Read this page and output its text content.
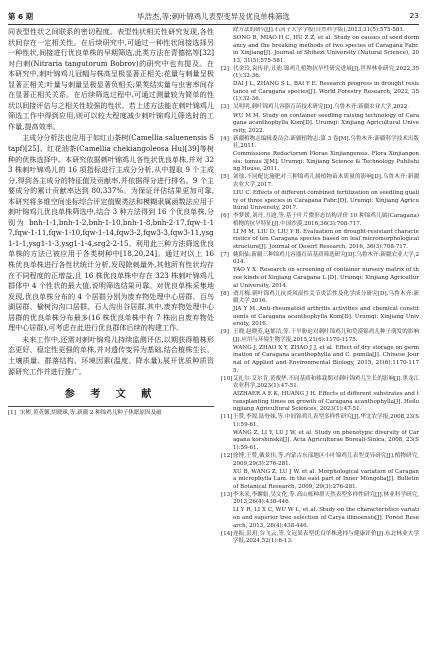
第 6 期	毕浩杰,等:刺叶锦鸡儿表型变异及优良单株筛选	23

同表型性状之间联系的密切程度。表型性状相关性研究发现,各性状间存在一定相关性。在后续研究中,可通过一种性状间接选择另一种性状,间接进行优良单株的早期筛选,此类方法在青德铭等[32]对白刺(Nitraria tangutorum Bobrov)的研究中也有提及。在本研究中,刺叶锦鸡儿冠幅与株高呈极显著正相关;花量与刺量呈极显著正相关;叶量与刺量呈极显著负相关;果荚结实量与虫害率间存在显著正相关关系。在后续筛选过程中,可通过测量较为简单的性状以间接评估与之相关性较强的性状。若上述方法能在刺叶锦鸡儿筛选工作中得到应用,则可以较大程度减少刺叶锦鸡儿筛选时的工作量,提高效率。

主成分分析法也应用于如红山茶树(Camellia saluenensis Stapf)[25]、红花油茶(Camellia chekiangoleosa Hu)[39]等树种的优株选择中。本研究依据刺叶锦鸡儿各性状优良单株,并对 323 株刺叶锦鸡儿的 16 项指标进行主成分分析,从中提取 9 个主成分,得到各主成分的特征值及贡献率,并依据得分进行排名。9 个主要成分的累计贡献率达到 80.337%。为保证评估结果更加可靠,本研究将多维空间坐标综合评定值聚类法和模糊隶属函数法应用于刺叶锦鸡儿优良单株筛选中,结合 3 种方法得到 16 个优良单株,分别为 bnh-1-1,bnh-1-2,bnh-1-10,bnh-1-8,bnh-2-17,fqw-1-17,fqw-1-11,fqw-1-10,fqw-1-14,fqw3-2,fqw3-3,fqw3-11,ysg1-1-1,ysg1-1-3,ysg1-1-4,srg2-2-15。利用此三种方法筛选优良单株的方法已被应用于各类树种中[18,20,24]。通过对以上 16 株优良单株进行各性状统计分析,发现除刺量外,其他所有性状均存在不同程度的正增益,且 16 株优良单株中存在 323 株刺叶锦鸡儿群体中 4 个性状的最大值,说明筛选结果可靠。对优良单株采集地发现,优良单株分布的 4 个居群分别为废弃物处理中心居群、百鸟湖居群、榆树沟沟口居群、石人沟出谷居群,其中,废弃物处理中心居群的优良单株分布最多(16 株优良单株中有 7 株出自废弃物处理中心居群),可考虑在此进行优良群体后续的构建工作。

未来工作中,还需对刺叶锦鸡儿持续监测评估,以期获得植株形态更好、稳定性更强的单株,并对遗传变异为基础,结合植株生长、土壤质量、群落结构、环境因素(温度、降水量),展开优质种质资源研究工作并进行推广。

参 考 文 献
[1] 宋彬,黄英馨,胡晓珠,等.新疆 2 种锦鸡儿种子休眠原因及破
除方法的研究[J].石河子大学学报(自然科学版),2013,31(5):575-581.
SONG B, MIAO H C, HU Z Z, et al. Study on causes of seed dormancy and the breaking methods of two species of Caragana Fabr. in Xinjiang[J]. Journal of Shihezi University (Natural Science), 2013, 31(5):575-581.
[2] 代金玲,袁传祥,丑迪.锦鸡儿植物抗旱性研究进展[J].世界林业研究,2022,35(1):32-36.
DAI J L, ZHANG S L, BAI Y E. Research progress in drought resistance of Caragana species[J]. World Forestry Research, 2022, 35(1):32-36.
[3] 吴明明.刺叶锦鸡儿容器育苗技术研究[D].乌鲁木齐:新疆农业大学,2022.
WU M M. Study on container seedling raising technology of Caragana acanthophylla Kom[D]. Urumqi: Xinjiang Agricultural University, 2022.
[4] 新疆植物志编辑委员会.新疆植物志:第 3 卷[M].乌鲁木齐:新疆科学技术出版社,2011.
Commissione Redactorum Florae Xinjiangensis. Flora Xinjiangensis: tomus 3[M]. Urumqi: Xinjiang Science & Technology Publishing House, 2011.
[5] 刘灿.不同配比施肥对三种锦鸡儿属植物苗木质量的影响[D].乌鲁木齐:新疆农业大学,2017.
LIU C. Effects of different combined fertilization on seedling quality of three species in Caragana Fabr.[D]. Urumqi: Xinjiang Agricultural University, 2017.
[6] 李梦媛,刘丹,丑迪,等.基于叶片微形态结构评价 10 种锦鸡儿属(Caragana)植物的抗旱特征[J].中国沙漠,2016,36(3):708-717.
LI M M, LIU D, LIU Y B. Evaluation on drought-resistant characteristics of ten Caragana species based on leaf micromorphological structure[J]. Journal of Desert Research, 2016, 36(3):708-717.
[7] 姚阳仙.新疆三种锦鸡儿容器育苗基质筛选研究[D].乌鲁木齐:新疆农业大学,2014.
YAO Y X. Research on screening of container nursery matrix of three kinds of Xinjiang Caragana L.[D]. Urumqi: Xinjiang Agricultural University, 2014.
[8] 贾月梅.刺叶锦鸡儿抗炎风湿性关节炎活性及化学成分研究[D].乌鲁木齐:新疆大学,2016.
JIA Y M. Anti-rheumatoid arthritis activities and chemical constituents of Caragana acanthophylla Kom[D]. Urumqi: Xinjiang University, 2016.
[9] 王晓,赵晓英,赵郁洁,等.干旱胁迫对刺叶锦鸡儿和荒漠锦鸡儿种子萌发的影响[J].应用与环境生物学报,2015,21(6):1170-1175.
WANG J, ZHAO X Y, ZHAO J J, et al. Effect of dry storage on germination of Caragana acanthophylla and C. pumila[J]. Chinese Journal of Applied and Environmental Biology, 2015, 21(6):1170-1175.
[10] 艾扎尔·艾尔肯,黄俊华.不同基质和移栽期对刺叶锦鸡儿生长的影响[J].黑龙江农业科学,2023(1):47-51.
AIZHAER A E K, HUANG J H. Effects of different substrates and transplanting times on growth of Caragana acanthophylla[J]. Heilongjiang Agricultural Sciences, 2023(1):47-51.
[11] 王赞,李源,陆登妹,等.中间锦鸡儿表型多样性研究[J].华北农学报,2008,23(S1):59-61.
WANG Z, LI Y, LU J W, et al. Study on phenotypic diversity of Caragana korshinskii[J]. Acta Agriculturae Boreali-Sinica, 2008, 23(S1):59-61.
[12] 徐博,王赞,戴景伟,等.内蒙古东部地区小叶锦鸡儿表型变异研究[J].植物研究,2009,29(3):276-281.
XU B, WANG Z, LU J W, et al. Morphological variation of Caragana microphylla Lam. in the east part of Inner Mongolia[J]. Bulletin of Botanical Research, 2009, 29(3):276-281.
[13] 李米米,李螺娟,吴文化,等.高山栎种群天然表型多样性研究[J].林业科学研究,2013,26(4):438-446.
LI Y R, LI X C, WU W L, et al. Study on the characteristics variation and superior tree selection of Carya illinoensis[J]. Forest Research, 2013, 26(4):438-446.
[14] 连振,彭玥,谷飞云,等.文冠果表型优良单株选择与健康评价[J].东北林业大学学报,2024,52(1):6-13.
